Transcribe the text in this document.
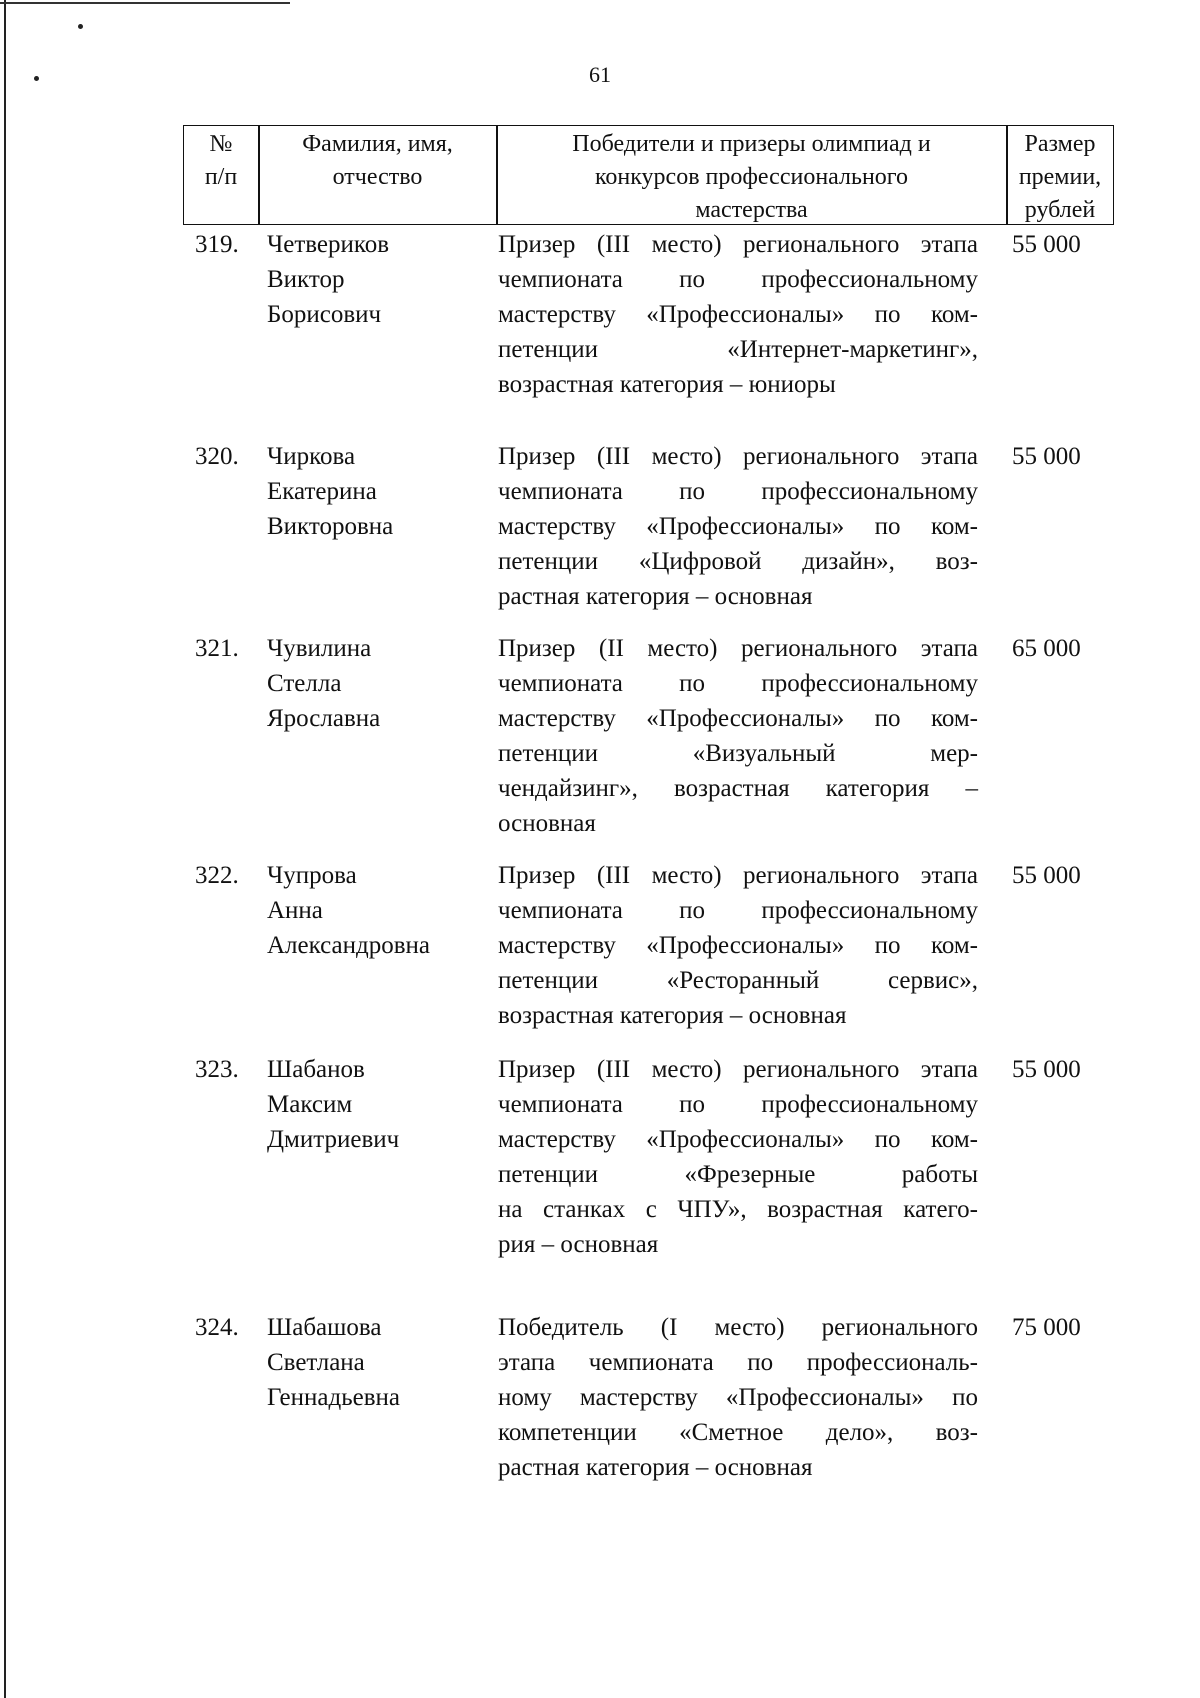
61
№
п/п
Фамилия, имя,
отчество
Победители и призеры олимпиад и
конкурсов профессионального
мастерства
Размер
премии,
рублей
319. Четвериков
Виктор
Борисович
Призер (III место) регионального этапа
чемпионата по профессиональному
мастерству «Профессионалы» по ком-
петенции «Интернет-маркетинг»,
возрастная категория – юниоры
55 000
320. Чиркова
Екатерина
Викторовна
Призер (III место) регионального этапа
чемпионата по профессиональному
мастерству «Профессионалы» по ком-
петенции «Цифровой дизайн», воз-
растная категория – основная
55 000
321. Чувилина
Стелла
Ярославна
Призер (II место) регионального этапа
чемпионата по профессиональному
мастерству «Профессионалы» по ком-
петенции «Визуальный мер-
чендайзинг», возрастная категория –
основная
65 000
322. Чупрова
Анна
Александровна
Призер (III место) регионального этапа
чемпионата по профессиональному
мастерству «Профессионалы» по ком-
петенции «Ресторанный сервис»,
возрастная категория – основная
55 000
323. Шабанов
Максим
Дмитриевич
Призер (III место) регионального этапа
чемпионата по профессиональному
мастерству «Профессионалы» по ком-
петенции «Фрезерные работы
на станках с ЧПУ», возрастная катего-
рия – основная
55 000
324. Шабашова
Светлана
Геннадьевна
Победитель (I место) регионального
этапа чемпионата по профессиональ-
ному мастерству «Профессионалы» по
компетенции «Сметное дело», воз-
растная категория – основная
75 000
